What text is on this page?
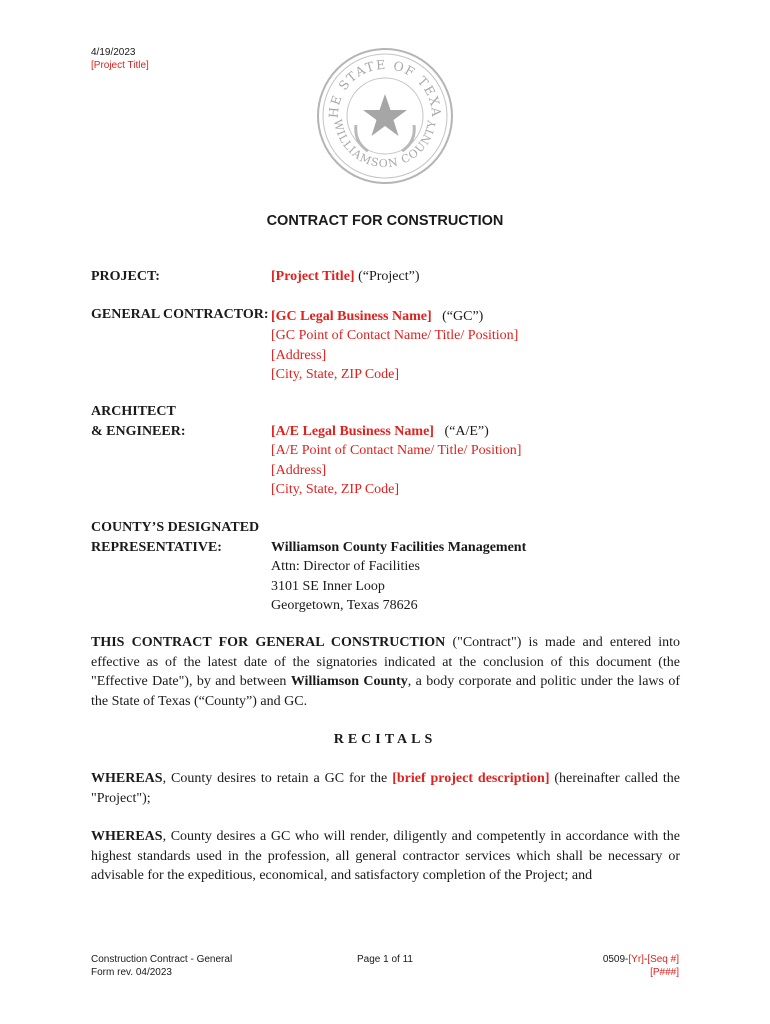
4/19/2023
[Project Title]
HE STATE OF TEXA
WILLIAMSON COUNTY
CONTRACT FOR CONSTRUCTION
PROJECT:	[Project Title] (“Project”)
GENERAL CONTRACTOR: [GC Legal Business Name]   (“GC”)
[GC Point of Contact Name/ Title/ Position]
[Address]
[City, State, ZIP Code]
ARCHITECT
& ENGINEER:	[A/E Legal Business Name]   (“A/E”)
[A/E Point of Contact Name/ Title/ Position]
[Address]
[City, State, ZIP Code]
COUNTY’S DESIGNATED
REPRESENTATIVE:	Williamson County Facilities Management
Attn: Director of Facilities
3101 SE Inner Loop
Georgetown, Texas 78626
THIS CONTRACT FOR GENERAL CONSTRUCTION ("Contract") is made and entered into effective as of the latest date of the signatories indicated at the conclusion of this document (the "Effective Date"), by and between Williamson County, a body corporate and politic under the laws of the State of Texas (“County”) and GC.
RECITALS
WHEREAS, County desires to retain a GC for the [brief project description] (hereinafter called the "Project");
WHEREAS, County desires a GC who will render, diligently and competently in accordance with the highest standards used in the profession, all general contractor services which shall be necessary or advisable for the expeditious, economical, and satisfactory completion of the Project; and
Construction Contract - General
Form rev. 04/2023
Page 1 of 11	0509-[Yr]-[Seq #]
[P###]
